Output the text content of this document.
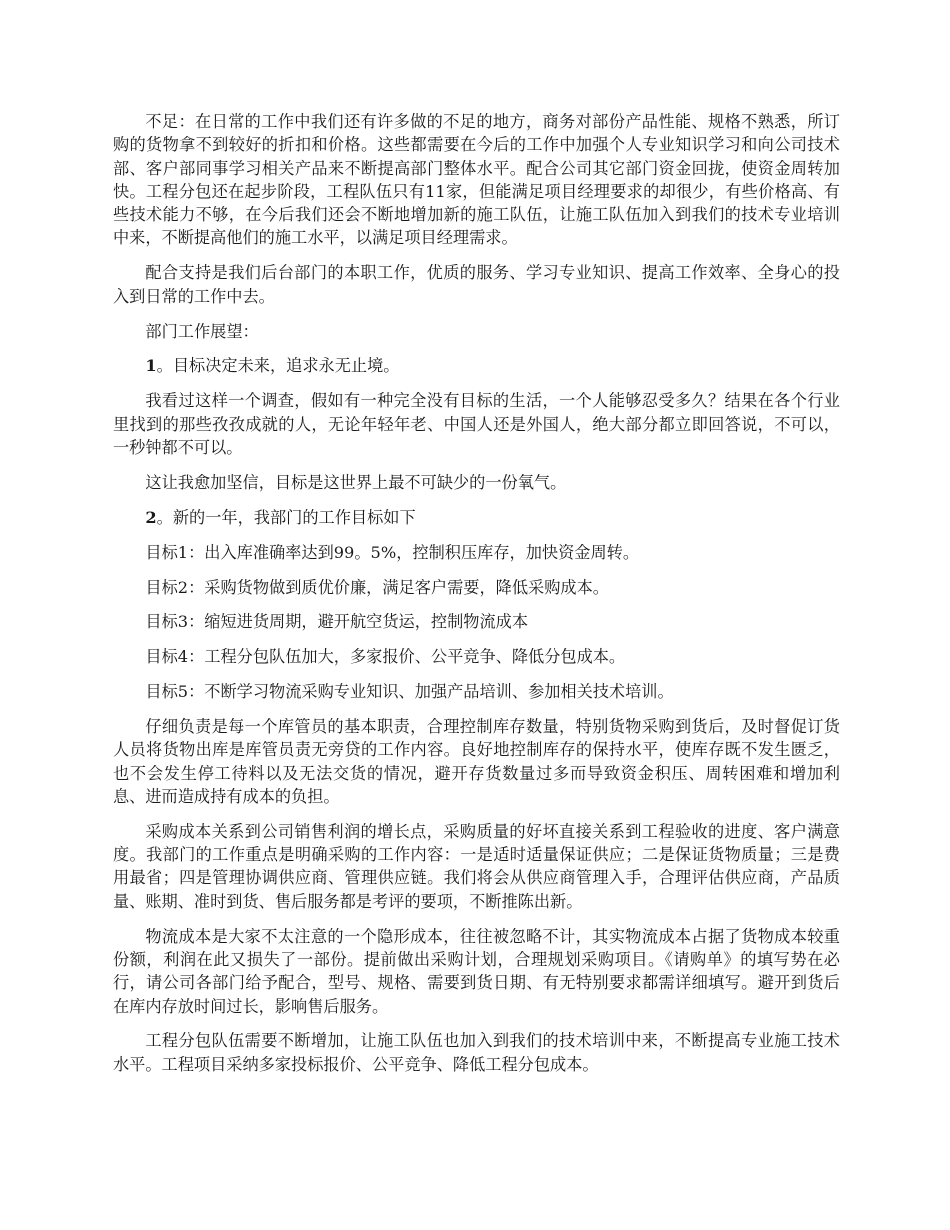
不足：在日常的工作中我们还有许多做的不足的地方，商务对部份产品性能、规格不熟悉，所订购的货物拿不到较好的折扣和价格。这些都需要在今后的工作中加强个人专业知识学习和向公司技术部、客户部同事学习相关产品来不断提高部门整体水平。配合公司其它部门资金回拢，使资金周转加快。工程分包还在起步阶段，工程队伍只有11家，但能满足项目经理要求的却很少，有些价格高、有些技术能力不够，在今后我们还会不断地增加新的施工队伍，让施工队伍加入到我们的技术专业培训中来，不断提高他们的施工水平，以满足项目经理需求。

配合支持是我们后台部门的本职工作，优质的服务、学习专业知识、提高工作效率、全身心的投入到日常的工作中去。

部门工作展望：

1。目标决定未来，追求永无止境。

我看过这样一个调查，假如有一种完全没有目标的生活，一个人能够忍受多久？结果在各个行业里找到的那些孜孜成就的人，无论年轻年老、中国人还是外国人，绝大部分都立即回答说，不可以，一秒钟都不可以。

这让我愈加坚信，目标是这世界上最不可缺少的一份氧气。

2。新的一年，我部门的工作目标如下

目标1：出入库准确率达到99。5%，控制积压库存，加快资金周转。

目标2：采购货物做到质优价廉，满足客户需要，降低采购成本。

目标3：缩短进货周期，避开航空货运，控制物流成本

目标4：工程分包队伍加大，多家报价、公平竞争、降低分包成本。

目标5：不断学习物流采购专业知识、加强产品培训、参加相关技术培训。

仔细负责是每一个库管员的基本职责，合理控制库存数量，特别货物采购到货后，及时督促订货人员将货物出库是库管员责无旁贷的工作内容。良好地控制库存的保持水平，使库存既不发生匮乏，也不会发生停工待料以及无法交货的情况，避开存货数量过多而导致资金积压、周转困难和增加利息、进而造成持有成本的负担。

采购成本关系到公司销售利润的增长点，采购质量的好坏直接关系到工程验收的进度、客户满意度。我部门的工作重点是明确采购的工作内容：一是适时适量保证供应；二是保证货物质量；三是费用最省；四是管理协调供应商、管理供应链。我们将会从供应商管理入手，合理评估供应商，产品质量、账期、准时到货、售后服务都是考评的要项，不断推陈出新。

物流成本是大家不太注意的一个隐形成本，往往被忽略不计，其实物流成本占据了货物成本较重份额，利润在此又损失了一部份。提前做出采购计划，合理规划采购项目。《请购单》的填写势在必行，请公司各部门给予配合，型号、规格、需要到货日期、有无特别要求都需详细填写。避开到货后在库内存放时间过长，影响售后服务。

工程分包队伍需要不断增加，让施工队伍也加入到我们的技术培训中来，不断提高专业施工技术水平。工程项目采纳多家投标报价、公平竞争、降低工程分包成本。
